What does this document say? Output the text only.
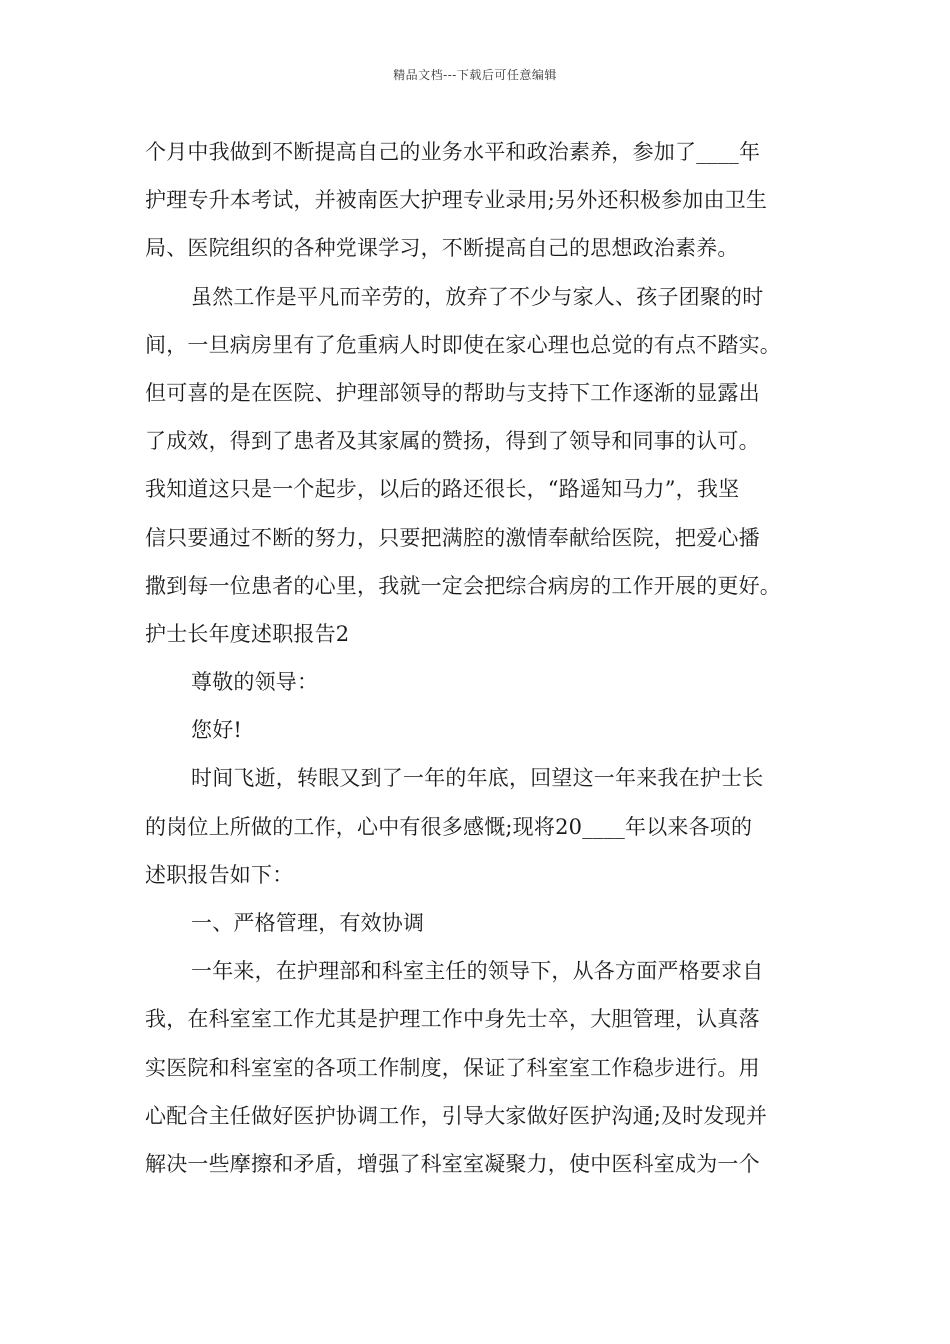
精品文档---下载后可任意编辑
个月中我做到不断提高自己的业务水平和政治素养，参加了____年
护理专升本考试，并被南医大护理专业录用;另外还积极参加由卫生
局、医院组织的各种党课学习，不断提高自己的思想政治素养。
虽然工作是平凡而辛劳的，放弃了不少与家人、孩子团聚的时
间，一旦病房里有了危重病人时即使在家心理也总觉的有点不踏实。
但可喜的是在医院、护理部领导的帮助与支持下工作逐渐的显露出
了成效，得到了患者及其家属的赞扬，得到了领导和同事的认可。
我知道这只是一个起步，以后的路还很长，“路遥知马力”，我坚
信只要通过不断的努力，只要把满腔的激情奉献给医院，把爱心播
撒到每一位患者的心里，我就一定会把综合病房的工作开展的更好。
护士长年度述职报告2
尊敬的领导：
您好!
时间飞逝，转眼又到了一年的年底，回望这一年来我在护士长
的岗位上所做的工作，心中有很多感慨;现将20____年以来各项的
述职报告如下：
一、严格管理，有效协调
一年来，在护理部和科室主任的领导下，从各方面严格要求自
我，在科室室工作尤其是护理工作中身先士卒，大胆管理，认真落
实医院和科室室的各项工作制度，保证了科室室工作稳步进行。用
心配合主任做好医护协调工作，引导大家做好医护沟通;及时发现并
解决一些摩擦和矛盾，增强了科室室凝聚力，使中医科室成为一个
